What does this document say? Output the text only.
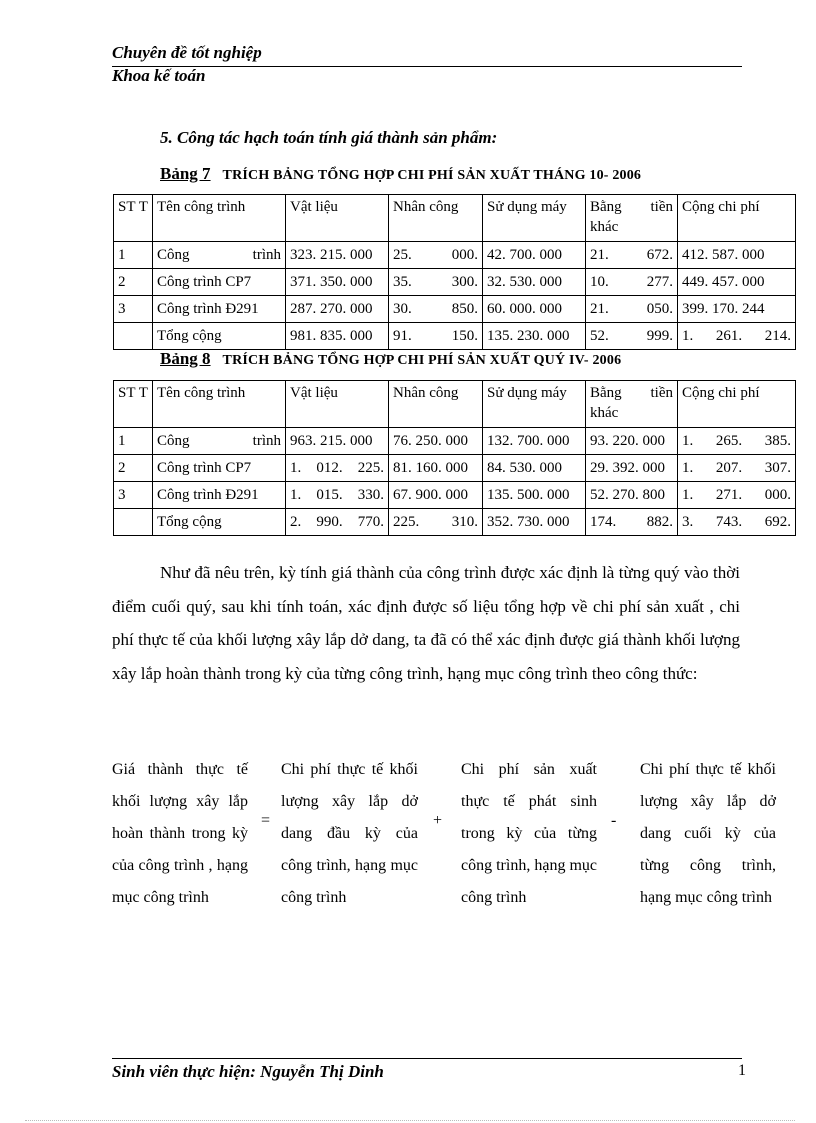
Chuyên đề tốt nghiệp
Khoa kế toán
5. Công tác hạch toán tính giá thành sản phẩm:
Bảng 7 TRÍCH BẢNG TỔNG HỢP CHI PHÍ SẢN XUẤT THÁNG 10- 2006
ST T	Tên công trình	Vật liệu	Nhân công	Sử dụng máy	Bằng tiền khác	Cộng chi phí
1	Công trình	323. 215. 000	25. 000.	42. 700. 000	21. 672.	412. 587. 000
2	Công trình CP7	371. 350. 000	35. 300.	32. 530. 000	10. 277.	449. 457. 000
3	Công trình Đ291	287. 270. 000	30. 850.	60. 000. 000	21. 050.	399. 170. 244
	Tổng cộng	981. 835. 000	91. 150.	135. 230. 000	52. 999.	1. 261. 214.
Bảng 8 TRÍCH BẢNG TỔNG HỢP CHI PHÍ SẢN XUẤT QUÝ IV- 2006
ST T	Tên công trình	Vật liệu	Nhân công	Sử dụng máy	Bằng tiền khác	Cộng chi phí
1	Công trình	963. 215. 000	76. 250. 000	132. 700. 000	93. 220. 000	1. 265. 385.
2	Công trình CP7	1. 012. 225.	81. 160. 000	84. 530. 000	29. 392. 000	1. 207. 307.
3	Công trình Đ291	1. 015. 330.	67. 900. 000	135. 500. 000	52. 270. 800	1. 271. 000.
	Tổng cộng	2. 990. 770.	225. 310.	352. 730. 000	174. 882.	3. 743. 692.
Như đã nêu trên, kỳ tính giá thành của công trình được xác định là từng quý vào thời điểm cuối quý, sau khi tính toán, xác định được số liệu tổng hợp về chi phí sản xuất , chi phí thực tế của khối lượng xây lắp dở dang, ta đã có thể xác định được giá thành khối lượng xây lắp hoàn thành trong kỳ của từng công trình, hạng mục công trình theo công thức:
Giá thành thực tế khối lượng xây lắp hoàn thành trong kỳ của công trình , hạng mục công trình
=
Chi phí thực tế khối lượng xây lắp dở dang đầu kỳ của công trình, hạng mục công trình
+
Chi phí sản xuất thực tế phát sinh trong kỳ của từng công trình, hạng mục công trình
-
Chi phí thực tế khối lượng xây lắp dở dang cuối kỳ của từng công trình, hạng mục công trình
Sinh viên thực hiện: Nguyễn Thị Dinh	1
